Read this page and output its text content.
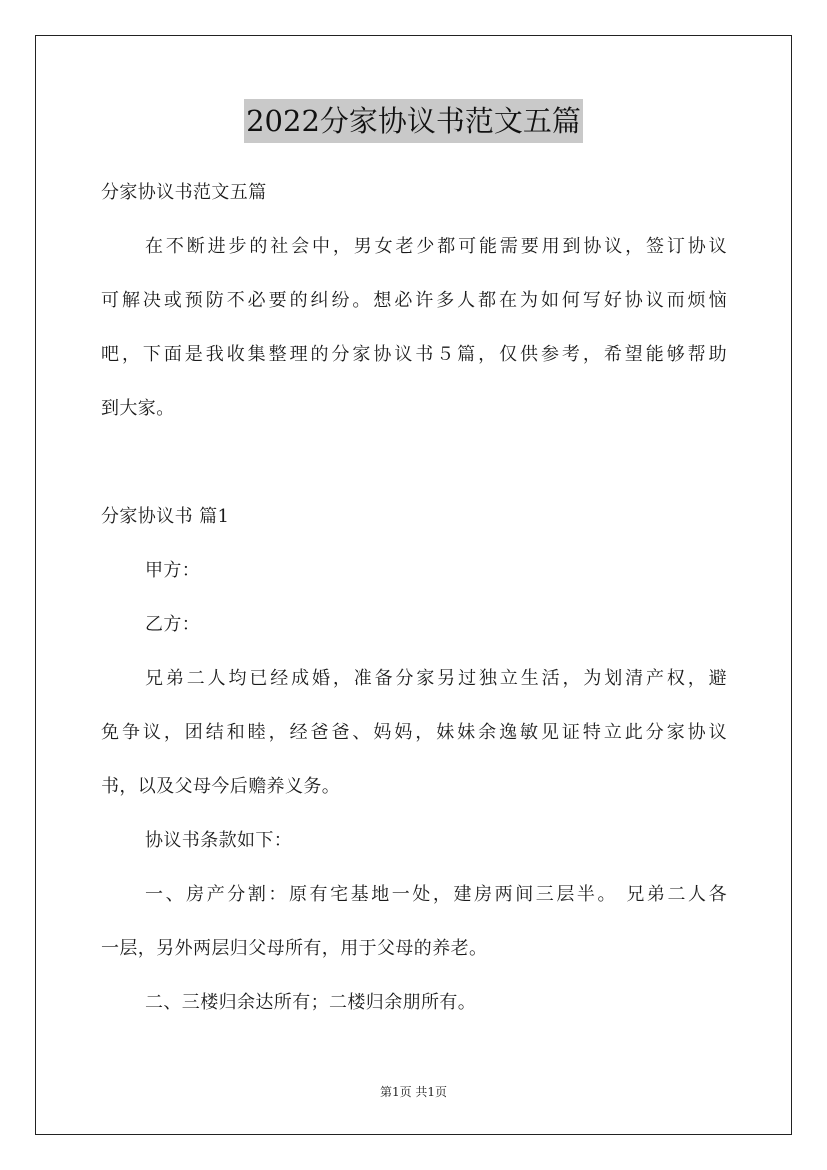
2022分家协议书范文五篇
分家协议书范文五篇
在不断进步的社会中，男女老少都可能需要用到协议，签订协议
可解决或预防不必要的纠纷。想必许多人都在为如何写好协议而烦恼
吧，下面是我收集整理的分家协议书５篇，仅供参考，希望能够帮助
到大家。
分家协议书 篇1
甲方：
乙方：
兄弟二人均已经成婚，准备分家另过独立生活，为划清产权，避
免争议，团结和睦，经爸爸、妈妈，妹妹余逸敏见证特立此分家协议
书，以及父母今后赡养义务。
协议书条款如下：
一、房产分割：原有宅基地一处，建房两间三层半。 兄弟二人各
一层，另外两层归父母所有，用于父母的养老。
二、三楼归余达所有；二楼归余朋所有。
第1页 共1页
